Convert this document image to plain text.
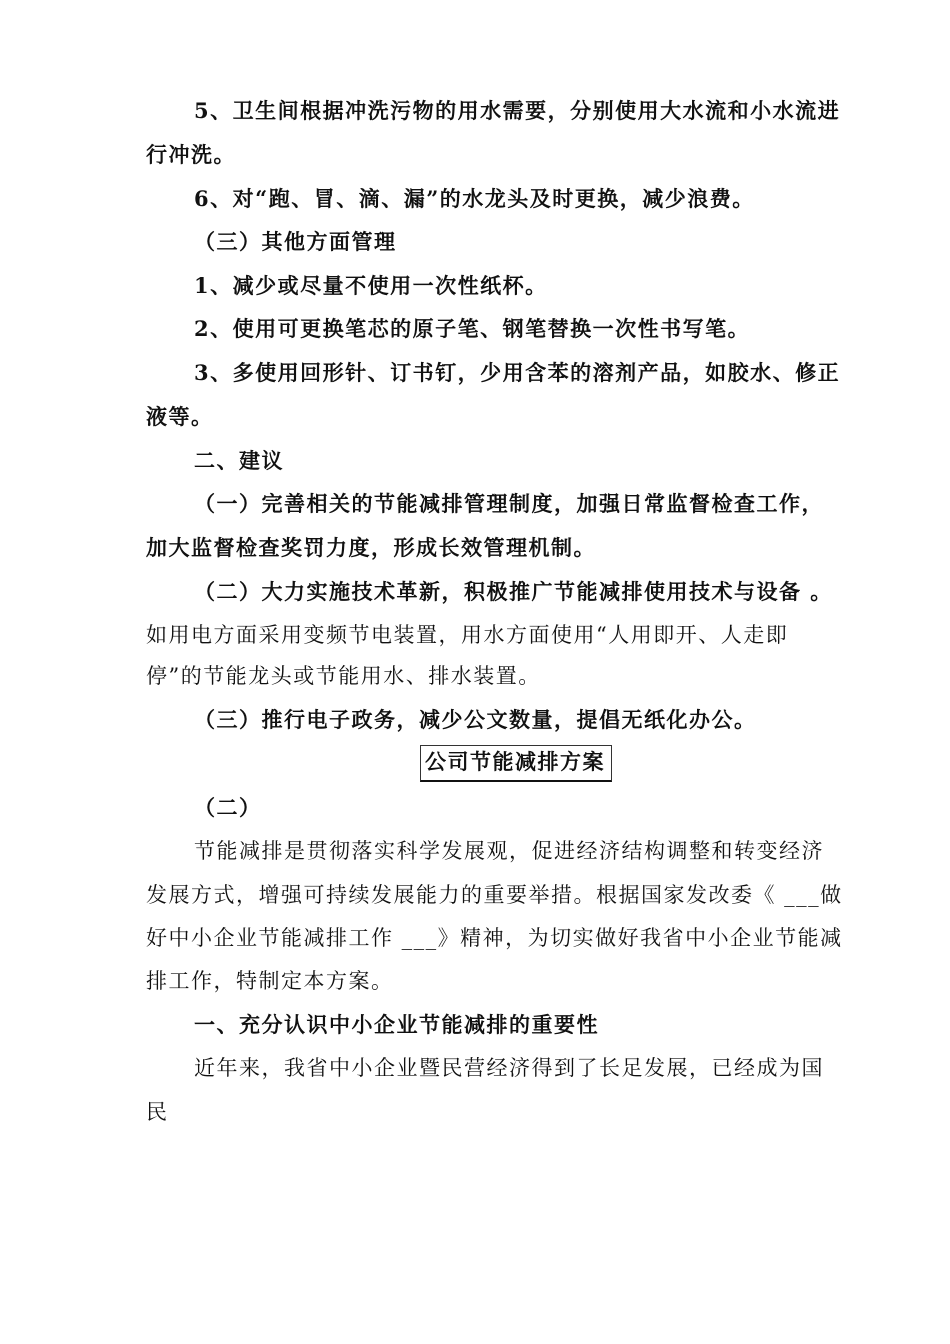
5、卫生间根据冲洗污物的用水需要，分别使用大水流和小水流进
行冲洗。
6、对“跑、冒、滴、漏”的水龙头及时更换，减少浪费。
（三）其他方面管理
1、减少或尽量不使用一次性纸杯。
2、使用可更换笔芯的原子笔、钢笔替换一次性书写笔。
3、多使用回形针、订书钉，少用含苯的溶剂产品，如胶水、修正
液等。
二、建议
（一）完善相关的节能减排管理制度，加强日常监督检查工作，
加大监督检查奖罚力度，形成长效管理机制。
（二）大力实施技术革新，积极推广节能减排使用技术与设备 。
如用电方面采用变频节电装置，用水方面使用“人用即开、人走即
停”的节能龙头或节能用水、排水装置。
（三）推行电子政务，减少公文数量，提倡无纸化办公。
公司节能减排方案
（二）
节能减排是贯彻落实科学发展观，促进经济结构调整和转变经济
发展方式，增强可持续发展能力的重要举措。根据国家发改委《 ___做
好中小企业节能减排工作 ___》精神，为切实做好我省中小企业节能减
排工作，特制定本方案。
一、充分认识中小企业节能减排的重要性
近年来，我省中小企业暨民营经济得到了长足发展，已经成为国
民
